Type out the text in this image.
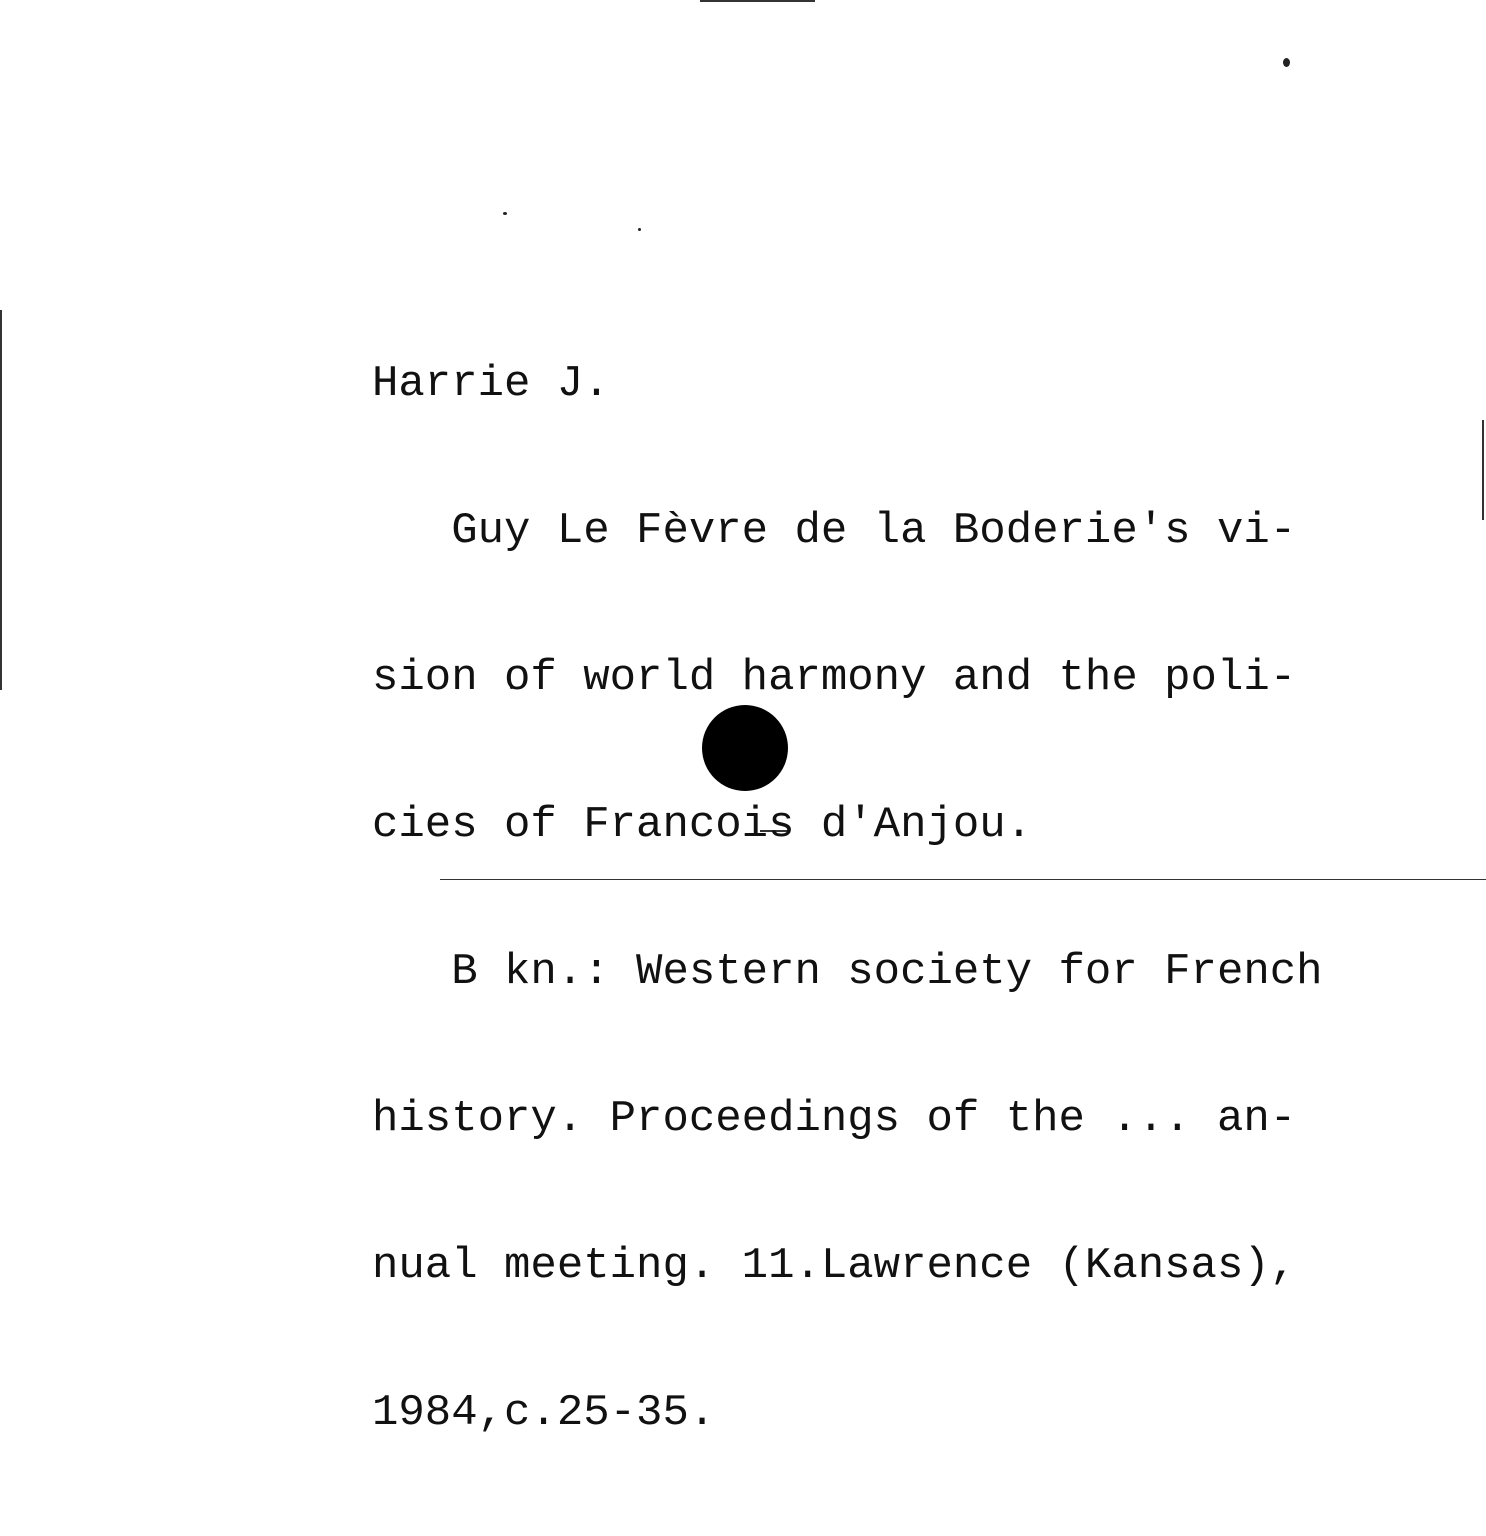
Harrie J.

Guy Le Fèvre de la Boderie's vi-

sion of world harmony and the poli-

cies of Francois d'Anjou.

B kn.: Western society for French

history. Proceedings of the ... an-

nual meeting. 11.Lawrence (Kansas),

1984,c.25-35.
